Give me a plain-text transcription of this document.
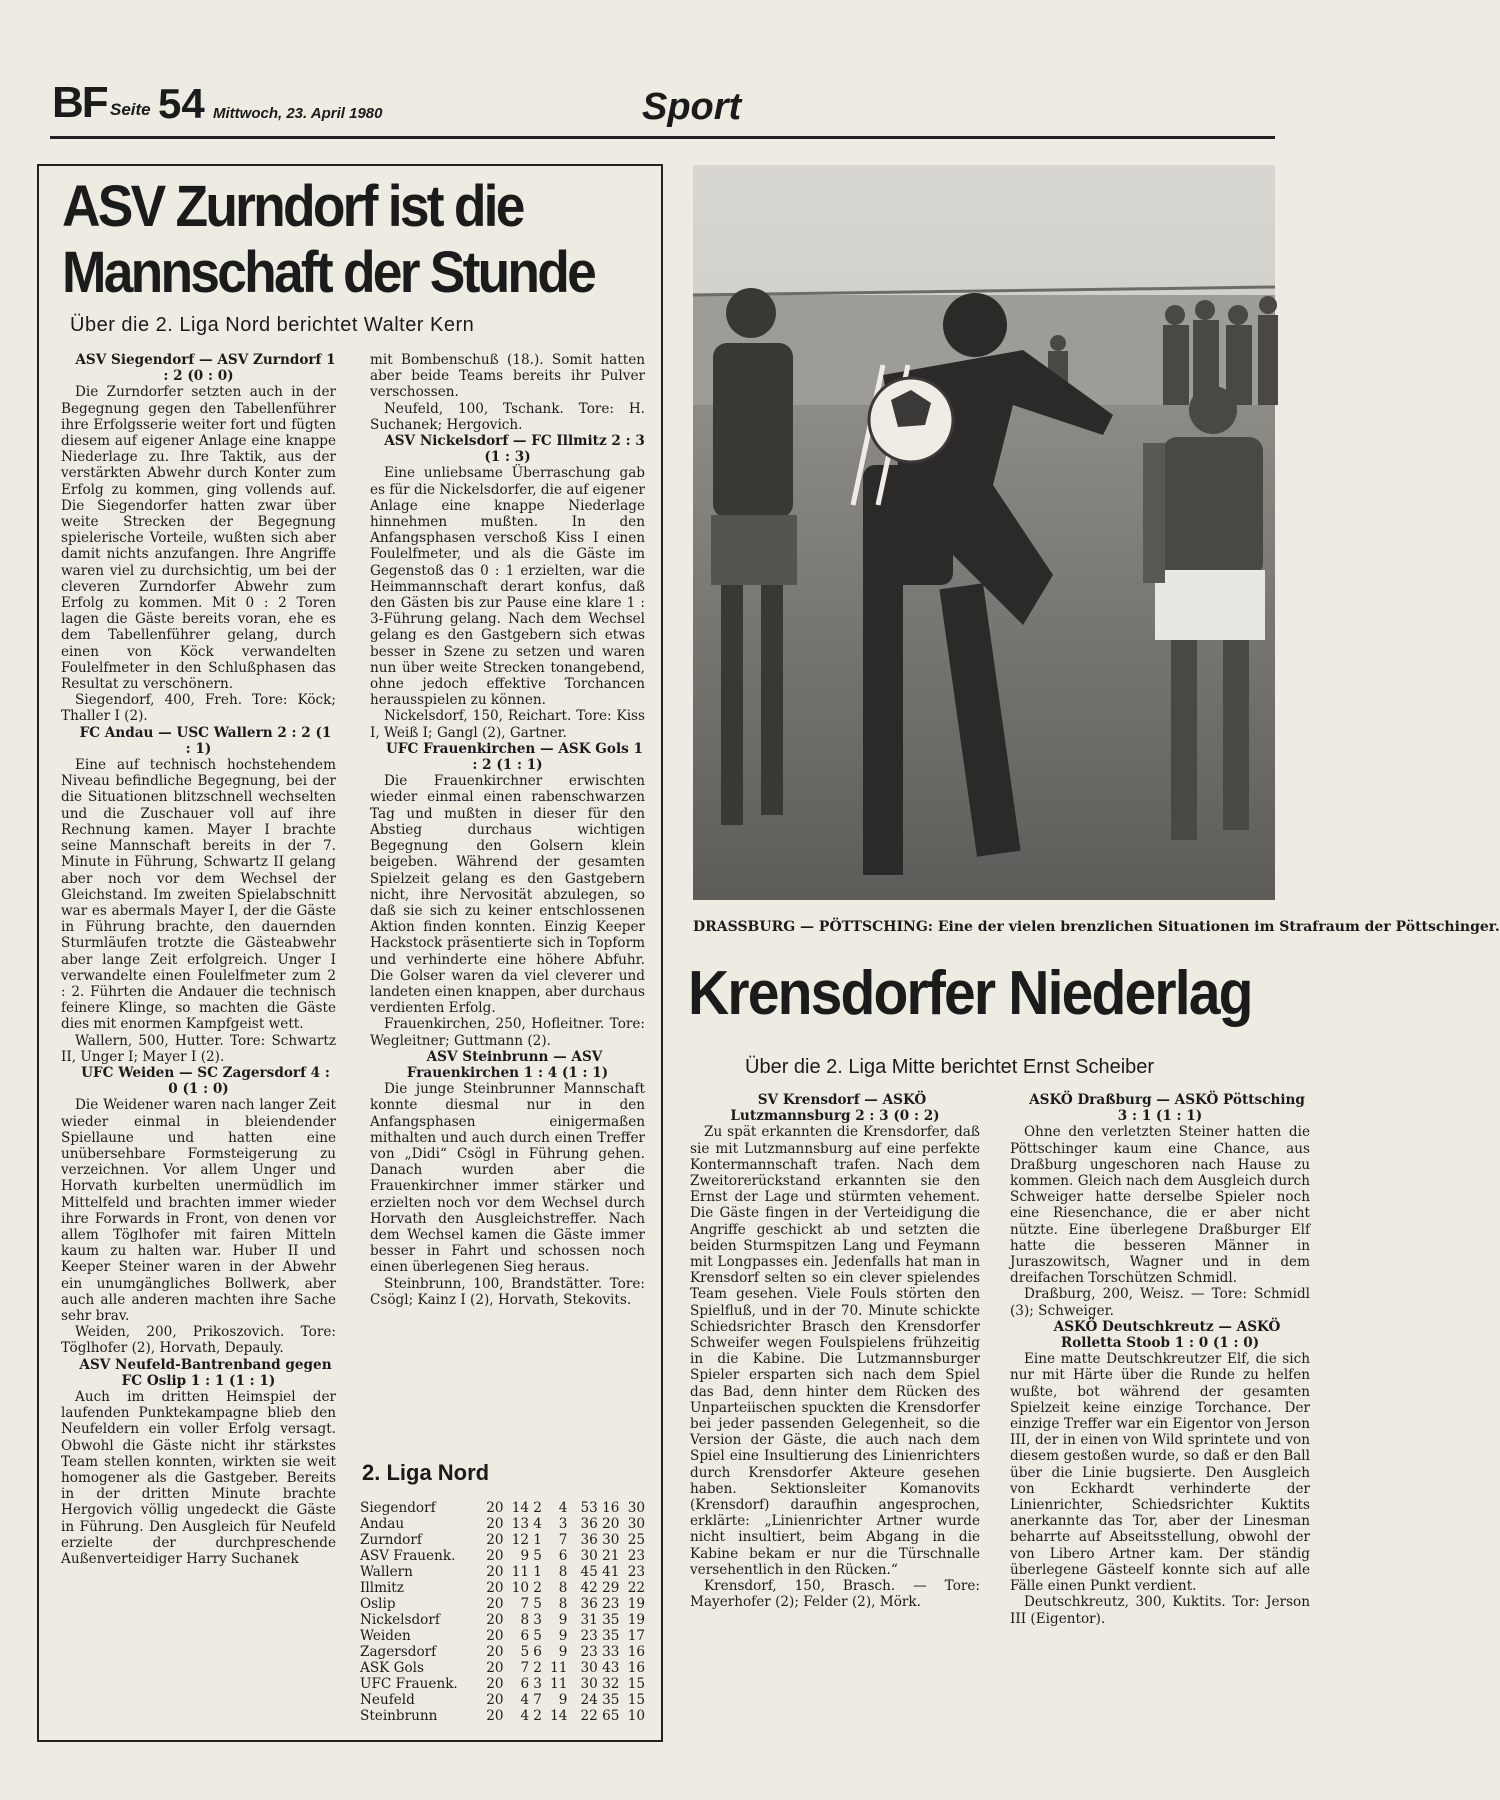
BF Seite 54 Mittwoch, 23. April 1980	Sport
ASV Zurndorf ist die Mannschaft der Stunde
Über die 2. Liga Nord berichtet Walter Kern

ASV Siegendorf — ASV Zurndorf 1 : 2 (0 : 0)

Die Zurndorfer setzten auch in der Begegnung gegen den Tabellenführer ihre Erfolgsserie weiter fort und fügten diesem auf eigener Anlage eine knappe Niederlage zu. Ihre Taktik, aus der verstärkten Abwehr durch Konter zum Erfolg zu kommen, ging vollends auf. Die Siegendorfer hatten zwar über weite Strecken der Begegnung spielerische Vorteile, wußten sich aber damit nichts anzufangen. Ihre Angriffe waren viel zu durchsichtig, um bei der cleveren Zurndorfer Abwehr zum Erfolg zu kommen. Mit 0 : 2 Toren lagen die Gäste bereits voran, ehe es dem Tabellenführer gelang, durch einen von Köck verwandelten Foulelfmeter in den Schlußphasen das Resultat zu verschönern.

Siegendorf, 400, Freh. Tore: Köck; Thaller I (2).

FC Andau — USC Wallern 2 : 2 (1 : 1)

Eine auf technisch hochstehendem Niveau befindliche Begegnung, bei der die Situationen blitzschnell wechselten und die Zuschauer voll auf ihre Rechnung kamen. Mayer I brachte seine Mannschaft bereits in der 7. Minute in Führung, Schwartz II gelang aber noch vor dem Wechsel der Gleichstand. Im zweiten Spielabschnitt war es abermals Mayer I, der die Gäste in Führung brachte, den dauernden Sturmläufen trotzte die Gästeabwehr aber lange Zeit erfolgreich. Unger I verwandelte einen Foulelfmeter zum 2 : 2. Führten die Andauer die technisch feinere Klinge, so machten die Gäste dies mit enormen Kampfgeist wett.

Wallern, 500, Hutter. Tore: Schwartz II, Unger I; Mayer I (2).

UFC Weiden — SC Zagersdorf 4 : 0 (1 : 0)

Die Weidener waren nach langer Zeit wieder einmal in bleiendender Spiellaune und hatten eine unübersehbare Formsteigerung zu verzeichnen. Vor allem Unger und Horvath kurbelten unermüdlich im Mittelfeld und brachten immer wieder ihre Forwards in Front, von denen vor allem Töglhofer mit fairen Mitteln kaum zu halten war. Huber II und Keeper Steiner waren in der Abwehr ein unumgängliches Bollwerk, aber auch alle anderen machten ihre Sache sehr brav.

Weiden, 200, Prikoszovich. Tore: Töglhofer (2), Horvath, Depauly.

ASV Neufeld-Bantrenband gegen FC Oslip 1 : 1 (1 : 1)

Auch im dritten Heimspiel der laufenden Punktekampagne blieb den Neufeldern ein voller Erfolg versagt. Obwohl die Gäste nicht ihr stärkstes Team stellen konnten, wirkten sie weit homogener als die Gastgeber. Bereits in der dritten Minute brachte Hergovich völlig ungedeckt die Gäste in Führung. Den Ausgleich für Neufeld erzielte der durchpreschende Außenverteidiger Harry Suchanek

mit Bombenschuß (18.). Somit hatten aber beide Teams bereits ihr Pulver verschossen.

Neufeld, 100, Tschank. Tore: H. Suchanek; Hergovich.

ASV Nickelsdorf — FC Illmitz 2 : 3 (1 : 3)

Eine unliebsame Überraschung gab es für die Nickelsdorfer, die auf eigener Anlage eine knappe Niederlage hinnehmen mußten. In den Anfangsphasen verschoß Kiss I einen Foulelfmeter, und als die Gäste im Gegenstoß das 0 : 1 erzielten, war die Heimmannschaft derart konfus, daß den Gästen bis zur Pause eine klare 1 : 3-Führung gelang. Nach dem Wechsel gelang es den Gastgebern sich etwas besser in Szene zu setzen und waren nun über weite Strecken tonangebend, ohne jedoch effektive Torchancen herausspielen zu können.

Nickelsdorf, 150, Reichart. Tore: Kiss I, Weiß I; Gangl (2), Gartner.

UFC Frauenkirchen — ASK Gols 1 : 2 (1 : 1)

Die Frauenkirchner erwischten wieder einmal einen rabenschwarzen Tag und mußten in dieser für den Abstieg durchaus wichtigen Begegnung den Golsern klein beigeben. Während der gesamten Spielzeit gelang es den Gastgebern nicht, ihre Nervosität abzulegen, so daß sie sich zu keiner entschlossenen Aktion finden konnten. Einzig Keeper Hackstock präsentierte sich in Topform und verhinderte eine höhere Abfuhr. Die Golser waren da viel cleverer und landeten einen knappen, aber durchaus verdienten Erfolg.

Frauenkirchen, 250, Hofleitner. Tore: Wegleitner; Guttmann (2).

ASV Steinbrunn — ASV Frauenkirchen 1 : 4 (1 : 1)

Die junge Steinbrunner Mannschaft konnte diesmal nur in den Anfangsphasen einigermaßen mithalten und auch durch einen Treffer von „Didi“ Csögl in Führung gehen. Danach wurden aber die Frauenkirchner immer stärker und erzielten noch vor dem Wechsel durch Horvath den Ausgleichstreffer. Nach dem Wechsel kamen die Gäste immer besser in Fahrt und schossen noch einen überlegenen Sieg heraus.

Steinbrunn, 100, Brandstätter. Tore: Csögl; Kainz I (2), Horvath, Stekovits.

2. Liga Nord
Siegendorf	20	14	2	4	53 16	30
Andau	20	13	4	3	36 20	30
Zurndorf	20	12	1	7	36 30	25
ASV Frauenk.	20	9	5	6	30 21	23
Wallern	20	11	1	8	45 41	23
Illmitz	20	10	2	8	42 29	22
Oslip	20	7	5	8	36 23	19
Nickelsdorf	20	8	3	9	31 35	19
Weiden	20	6	5	9	23 35	17
Zagersdorf	20	5	6	9	23 33	16
ASK Gols	20	7	2	11	30 43	16
UFC Frauenk.	20	6	3	11	30 32	15
Neufeld	20	4	7	9	24 35	15
Steinbrunn	20	4	2	14	22 65	10
DRASSBURG — PÖTTSCHING: Eine der vielen brenzlichen Situationen im Strafraum der Pöttschinger.
Krensdorfer Niederlag
Über die 2. Liga Mitte berichtet Ernst Scheiber

SV Krensdorf — ASKÖ Lutzmannsburg 2 : 3 (0 : 2)

Zu spät erkannten die Krensdorfer, daß sie mit Lutzmannsburg auf eine perfekte Kontermannschaft trafen. Nach dem Zweitorerückstand erkannten sie den Ernst der Lage und stürmten vehement. Die Gäste fingen in der Verteidigung die Angriffe geschickt ab und setzten die beiden Sturmspitzen Lang und Feymann mit Longpasses ein. Jedenfalls hat man in Krensdorf selten so ein clever spielendes Team gesehen. Viele Fouls störten den Spielfluß, und in der 70. Minute schickte Schiedsrichter Brasch den Krensdorfer Schweifer wegen Foulspielens frühzeitig in die Kabine. Die Lutzmannsburger Spieler ersparten sich nach dem Spiel das Bad, denn hinter dem Rücken des Unparteiischen spuckten die Krensdorfer bei jeder passenden Gelegenheit, so die Version der Gäste, die auch nach dem Spiel eine Insultierung des Linienrichters durch Krensdorfer Akteure gesehen haben. Sektionsleiter Komanovits (Krensdorf) daraufhin angesprochen, erklärte: „Linienrichter Artner wurde nicht insultiert, beim Abgang in die Kabine bekam er nur die Türschnalle versehentlich in den Rücken.“

Krensdorf, 150, Brasch. — Tore: Mayerhofer (2); Felder (2), Mörk.

ASKÖ Draßburg — ASKÖ Pöttsching 3 : 1 (1 : 1)

Ohne den verletzten Steiner hatten die Pöttschinger kaum eine Chance, aus Draßburg ungeschoren nach Hause zu kommen. Gleich nach dem Ausgleich durch Schweiger hatte derselbe Spieler noch eine Riesenchance, die er aber nicht nützte. Eine überlegene Draßburger Elf hatte die besseren Männer in Juraszowitsch, Wagner und in dem dreifachen Torschützen Schmidl.

Draßburg, 200, Weisz. — Tore: Schmidl (3); Schweiger.

ASKÖ Deutschkreutz — ASKÖ Rolletta Stoob 1 : 0 (1 : 0)

Eine matte Deutschkreutzer Elf, die sich nur mit Härte über die Runde zu helfen wußte, bot während der gesamten Spielzeit keine einzige Torchance. Der einzige Treffer war ein Eigentor von Jerson III, der in einen von Wild sprintete und von diesem gestoßen wurde, so daß er den Ball über die Linie bugsierte. Den Ausgleich von Eckhardt verhinderte der Linienrichter, Schiedsrichter Kuktits anerkannte das Tor, aber der Linesman beharrte auf Abseitsstellung, obwohl der von Libero Artner kam. Der ständig überlegene Gästeelf konnte sich auf alle Fälle einen Punkt verdient.

Deutschkreutz, 300, Kuktits. Tor: Jerson III (Eigentor).
